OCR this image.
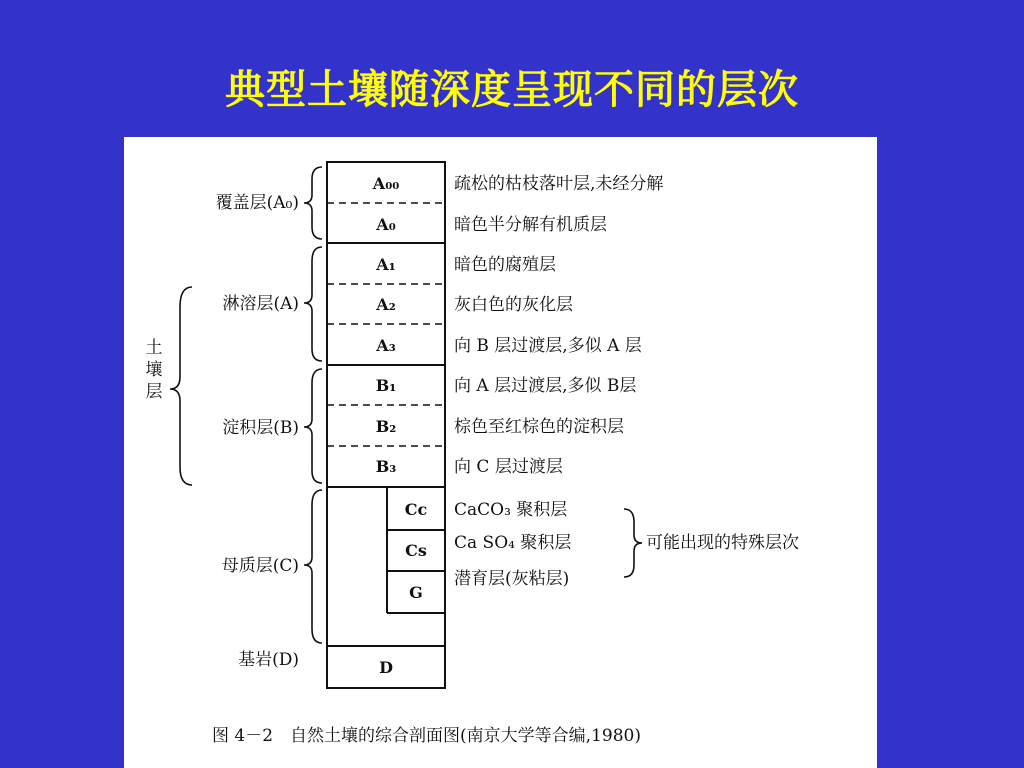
典型土壤随深度呈现不同的层次
A₀₀
A₀
A₁
A₂
A₃
B₁
B₂
B₃
Cc
Cs
G
D
疏松的枯枝落叶层,未经分解
暗色半分解有机质层
暗色的腐殖层
灰白色的灰化层
向 B 层过渡层,多似 A 层
向 A 层过渡层,多似 B层
棕色至红棕色的淀积层
向 C 层过渡层
CaCO₃ 聚积层
Ca SO₄ 聚积层
潜育层(灰粘层)
可能出现的特殊层次
覆盖层(A₀)
淋溶层(A)
淀积层(B)
母质层(C)
基岩(D)
土
壤
层
图 4－2　自然土壤的综合剖面图(南京大学等合编,1980)
